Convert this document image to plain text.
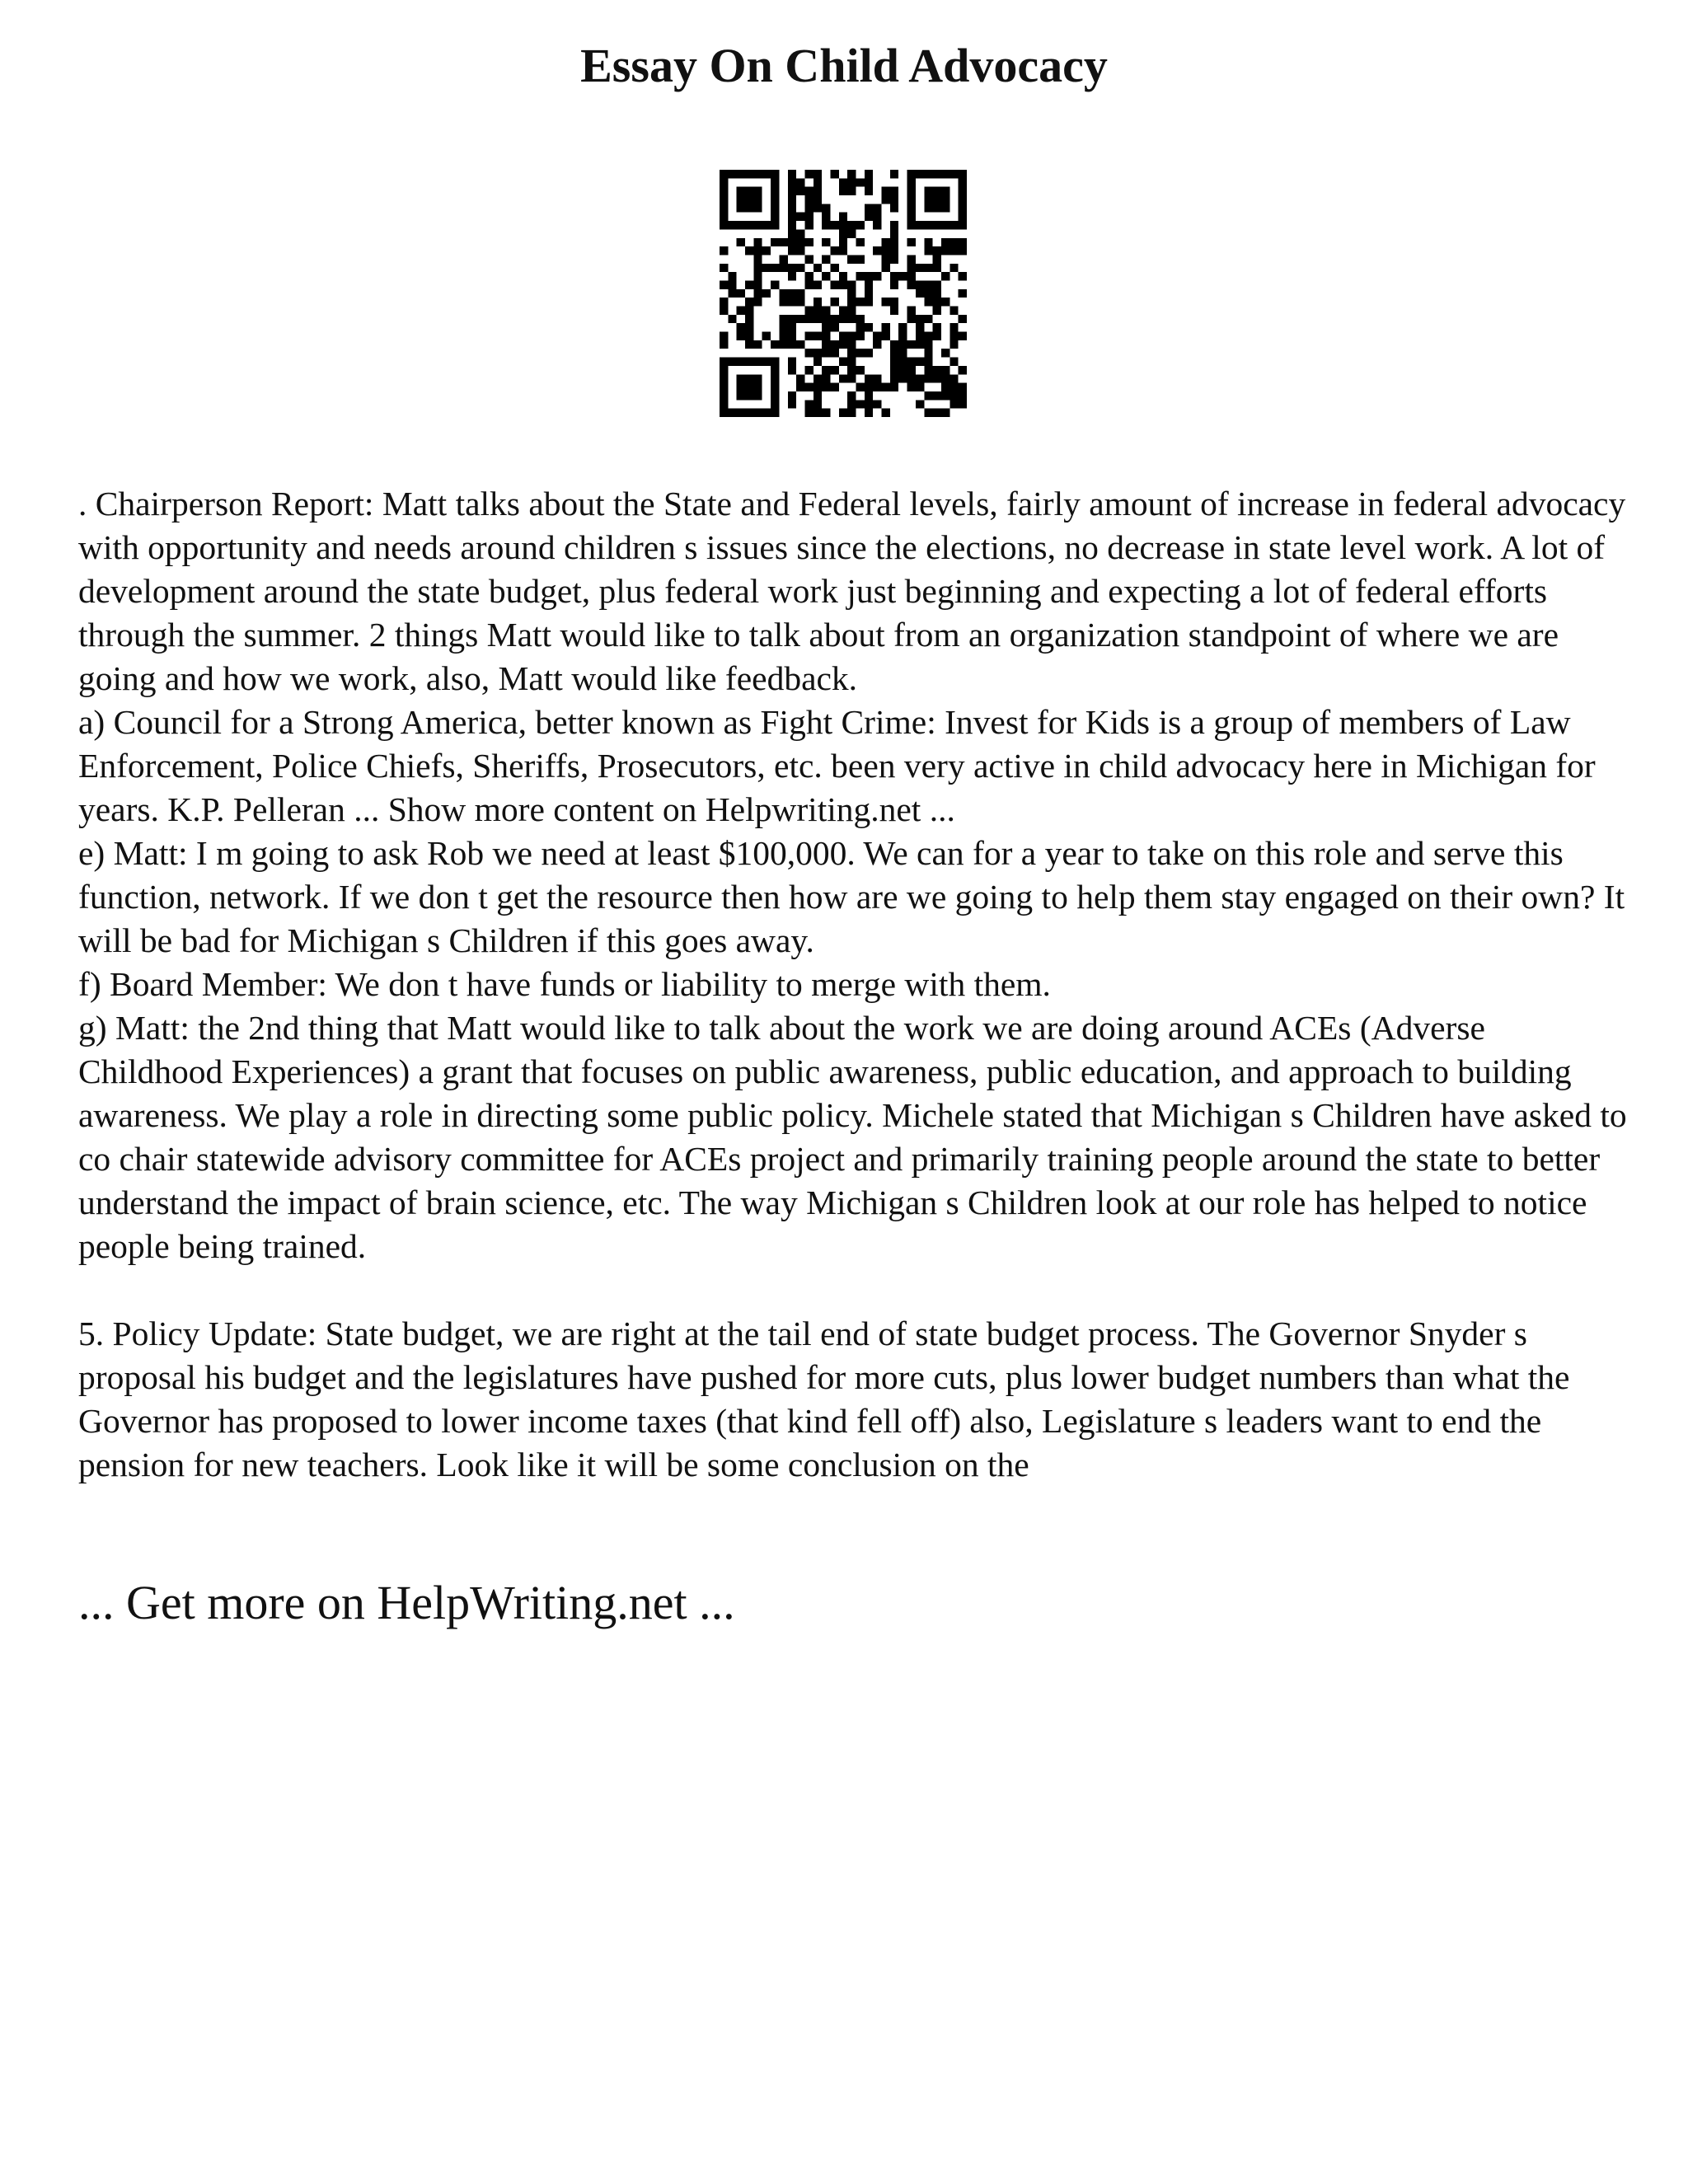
Essay On Child Advocacy

. Chairperson Report: Matt talks about the State and Federal levels, fairly amount of increase in federal advocacy with opportunity and needs around children s issues since the elections, no decrease in state level work. A lot of development around the state budget, plus federal work just beginning and expecting a lot of federal efforts through the summer. 2 things Matt would like to talk about from an organization standpoint of where we are going and how we work, also, Matt would like feedback.

a) Council for a Strong America, better known as Fight Crime: Invest for Kids is a group of members of Law Enforcement, Police Chiefs, Sheriffs, Prosecutors, etc. been very active in child advocacy here in Michigan for years. K.P. Pelleran ... Show more content on Helpwriting.net ...

e) Matt: I m going to ask Rob we need at least $100,000. We can for a year to take on this role and serve this function, network. If we don t get the resource then how are we going to help them stay engaged on their own? It will be bad for Michigan s Children if this goes away.

f) Board Member: We don t have funds or liability to merge with them.

g) Matt: the 2nd thing that Matt would like to talk about the work we are doing around ACEs (Adverse Childhood Experiences) a grant that focuses on public awareness, public education, and approach to building awareness. We play a role in directing some public policy. Michele stated that Michigan s Children have asked to co chair statewide advisory committee for ACEs project and primarily training people around the state to better understand the impact of brain science, etc. The way Michigan s Children look at our role has helped to notice people being trained.

5. Policy Update: State budget, we are right at the tail end of state budget process. The Governor Snyder s proposal his budget and the legislatures have pushed for more cuts, plus lower budget numbers than what the Governor has proposed to lower income taxes (that kind fell off) also, Legislature s leaders want to end the pension for new teachers. Look like it will be some conclusion on the

... Get more on HelpWriting.net ...
